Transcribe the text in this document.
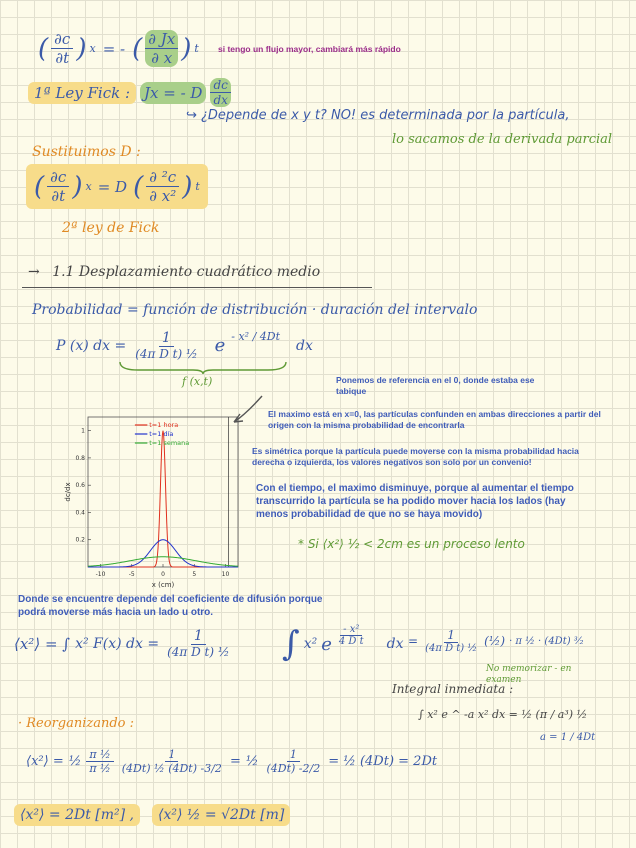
( $\frac{\partial c}{\partial t}$ ) x = - ( $\frac{\partial Jx}{\partial x}$ ) t si tengo un flujo mayor, cambiará más rápido
1ª Ley Fick : Jx = - D $\frac{dc}{dx}$
↪ ¿Depende de x y t? NO! es determinada por la partícula,
lo sacamos de la derivada parcial
Sustituimos D :
( $\frac{\partial c}{\partial t}$ ) x = D ( $\frac{\text{∂ ²c}}{\text{∂ x²}}$ ) t
2ª ley de Fick
→ 1.1 Desplazamiento cuadrático medio
Probabilidad = función de distribución · duración del intervalo
P (x) dx = $\frac{1}{\text{(4π D t) ½}}$ e $^{- x^2 / 4Dt}$
dx
f (x,t)
-10	-5	0	5	10
0.2
0.4
0.6
0.8
1
x (cm)
dc/dx
t=1 hora
t=1 día
t=1 semana
Ponemos de referencia en el 0, donde estaba ese tabique
El maximo está en x=0, las partículas confunden en ambas direcciones a partir del origen con la misma probabilidad de encontrarla
Es simétrica porque la partícula puede moverse con la misma probabilidad hacia derecha o izquierda, los valores negativos son solo por un convenio!
Con el tiempo, el maximo disminuye, porque al aumentar el tiempo transcurrido la partícula se ha podido mover hacia los lados (hay menos probabilidad de que no se haya movido)
* Si ⟨x²⟩ ½ < 2cm es un proceso lento
Donde se encuentre depende del coeficiente de difusión porque podrá moverse más hacia un lado u otro.
⟨x²⟩ = ∫ x² F(x) dx = $\frac{1}{\text{(4π D t) ½}}$ ∫ x² e $\frac{\text{- x²}}{\text{4 D t}}$ dx = $\frac{1}{\text{(4π D t) ½}}$ (½) · π ½ · (4Dt) ³⁄₂
No memorizar - en examen
Integral inmediata :
∫ x² e ^ -a x² dx = ½ (π / a³) ½
a = 1 / 4Dt
· Reorganizando :
⟨x²⟩ = ½ $\frac{\text{π ½}}{\text{π ½}} \frac{1}{\text{(4Dt) ½ (4Dt) -3/2}}$ = ½ $\frac{1}{(4Dt) -2/2}$ = ½ (4Dt) = 2Dt
⟨x²⟩ = 2Dt [m²] ,	⟨x²⟩ ½ = √2Dt [m]
